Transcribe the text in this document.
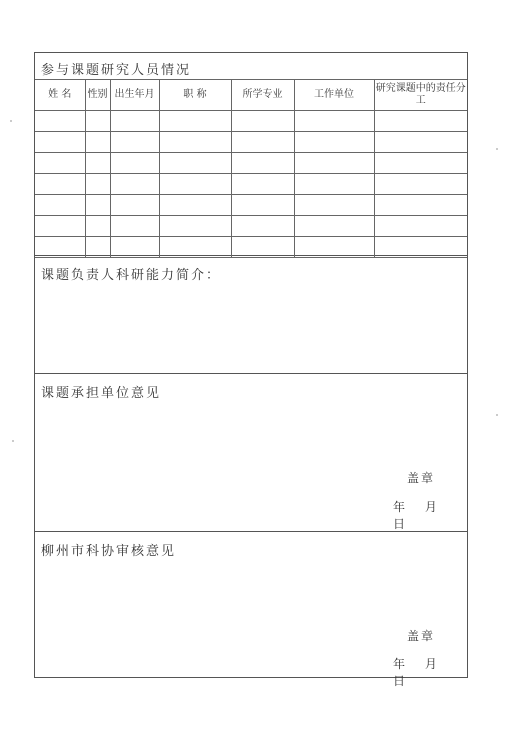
参与课题研究人员情况
姓 名	性别	出生年月	职 称	所学专业	工作单位	研究课题中的责任分工

课题负责人科研能力简介：
课题承担单位意见
盖章
年 月 日
柳州市科协审核意见
盖章
年 月 日
